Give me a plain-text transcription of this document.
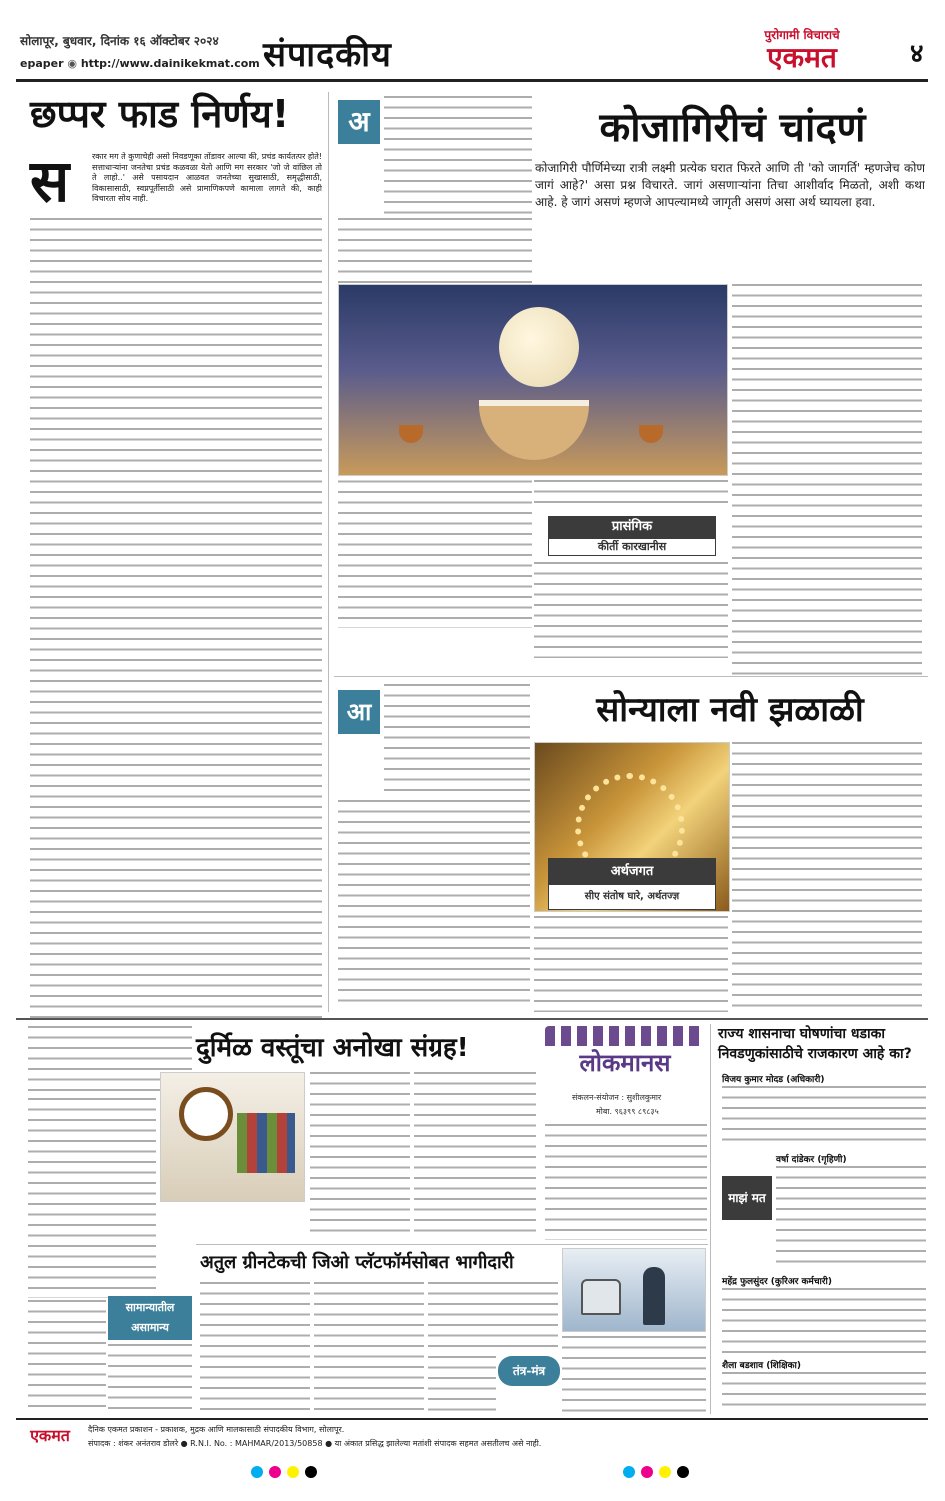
सोलापूर, बुधवार, दिनांक १६ ऑक्टोबर २०२४
epaper ◉ http://www.dainikekmat.com संपादकीय	पुरोगामी विचाराचे
एकमत	४
छप्पर फाड निर्णय!
स	रकार मग ते कुणाचेही असो निवडणूका तोंडावर आल्या की, प्रचंड कार्यतत्पर होते! सत्ताधाऱ्यांना जनतेचा प्रचंड कळवळा येतो आणि मग सरकार 'जो जे वांछिल तो ते लाहो..' असे पसायदान आळवत जनतेच्या सुखासाठी, समृद्धीसाठी, विकासासाठी, स्वप्नपूर्तीसाठी असे प्रामाणिकपणे कामाला लागते की, काही विचारता सोय नाही.
अ	कोजागिरीचं चांदणं
कोजागिरी पौर्णिमेच्या रात्री लक्ष्मी प्रत्येक घरात फिरते आणि ती 'को जागर्ति' म्हणजेच कोण जागं आहे?' असा प्रश्न विचारते. जागं असणाऱ्यांना तिचा आशीर्वाद मिळतो, अशी कथा आहे. हे जागं असणं म्हणजे आपल्यामध्ये जागृती असणं असा अर्थ घ्यायला हवा.
प्रासंगिक
कीर्ती कारखानीस
आ	सोन्याला नवी झळाळी
अर्थजगत
सीए संतोष घारे, अर्थतज्ज्ञ
दुर्मिळ वस्तूंचा अनोखा संग्रह!
सामान्यातील असामान्य
लोकमानस
संकलन-संयोजन : सुशीलकुमार
मोबा. ९६३९९ ८९८३५
राज्य शासनाचा घोषणांचा धडाका निवडणुकांसाठीचे राजकारण आहे का?
विजय कुमार मोदड (अधिकारी)
वर्षा दांडेकर (गृहिणी)
माझं मत
महेंद्र फुलसुंदर (कुरिअर कर्मचारी)
शैला बडशाव (शिक्षिका)
अतुल ग्रीनटेकची जिओ प्लॅटफॉर्मसोबत भागीदारी
तंत्र-मंत्र
एकमत	दैनिक एकमत प्रकाशन - प्रकाशक, मुद्रक आणि मालकासाठी संपादकीय विभाग, सोलापूर.
संपादक : शंकर अनंतराव डोलरे ● R.N.I. No. : MAHMAR/2013/50858 ● या अंकात प्रसिद्ध झालेल्या मतांशी संपादक सहमत असतीलच असे नाही.
